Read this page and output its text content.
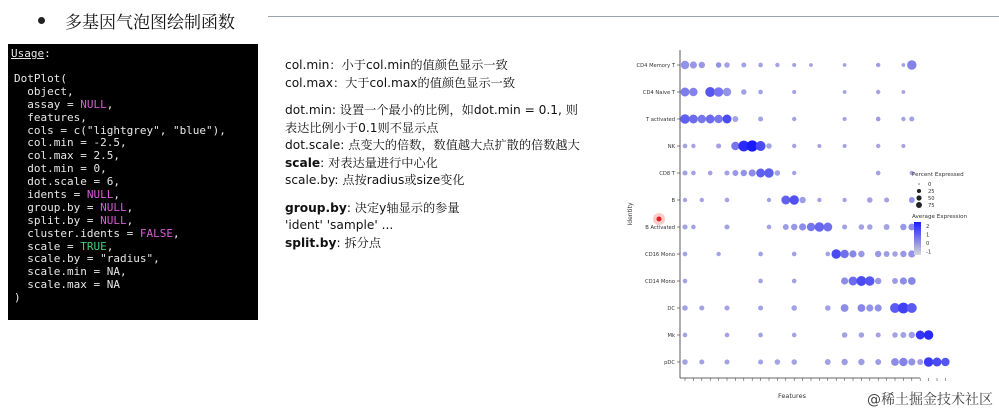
多基因气泡图绘制函数
Usage:
DotPlot(
object,
assay = NULL,
features,
cols = c("lightgrey", "blue"),
col.min = -2.5,
col.max = 2.5,
dot.min = 0,
dot.scale = 6,
idents = NULL,
group.by = NULL,
split.by = NULL,
cluster.idents = FALSE,
scale = TRUE,
scale.by = "radius",
scale.min = NA,
scale.max = NA
)
col.min：小于col.min的值颜色显示一致
col.max：大于col.max的值颜色显示一致
dot.min: 设置一个最小的比例，如dot.min = 0.1, 则表达比例小于0.1则不显示点
dot.scale: 点变大的倍数，数值越大点扩散的倍数越大
scale: 对表达量进行中心化
scale.by: 点按radius或size变化
group.by: 决定y轴显示的参量
'ident' 'sample' ...
split.by: 拆分点
Identity
Features
CD4 Memory T
CD4 Naive T
T activated
NK
CD8 T
B
B Activated
CD16 Mono
CD14 Mono
DC
Mk
pDC
Percent Expressed
0
25
50
75
Average Expression
2
1
0
-1
@稀土掘金技术社区
